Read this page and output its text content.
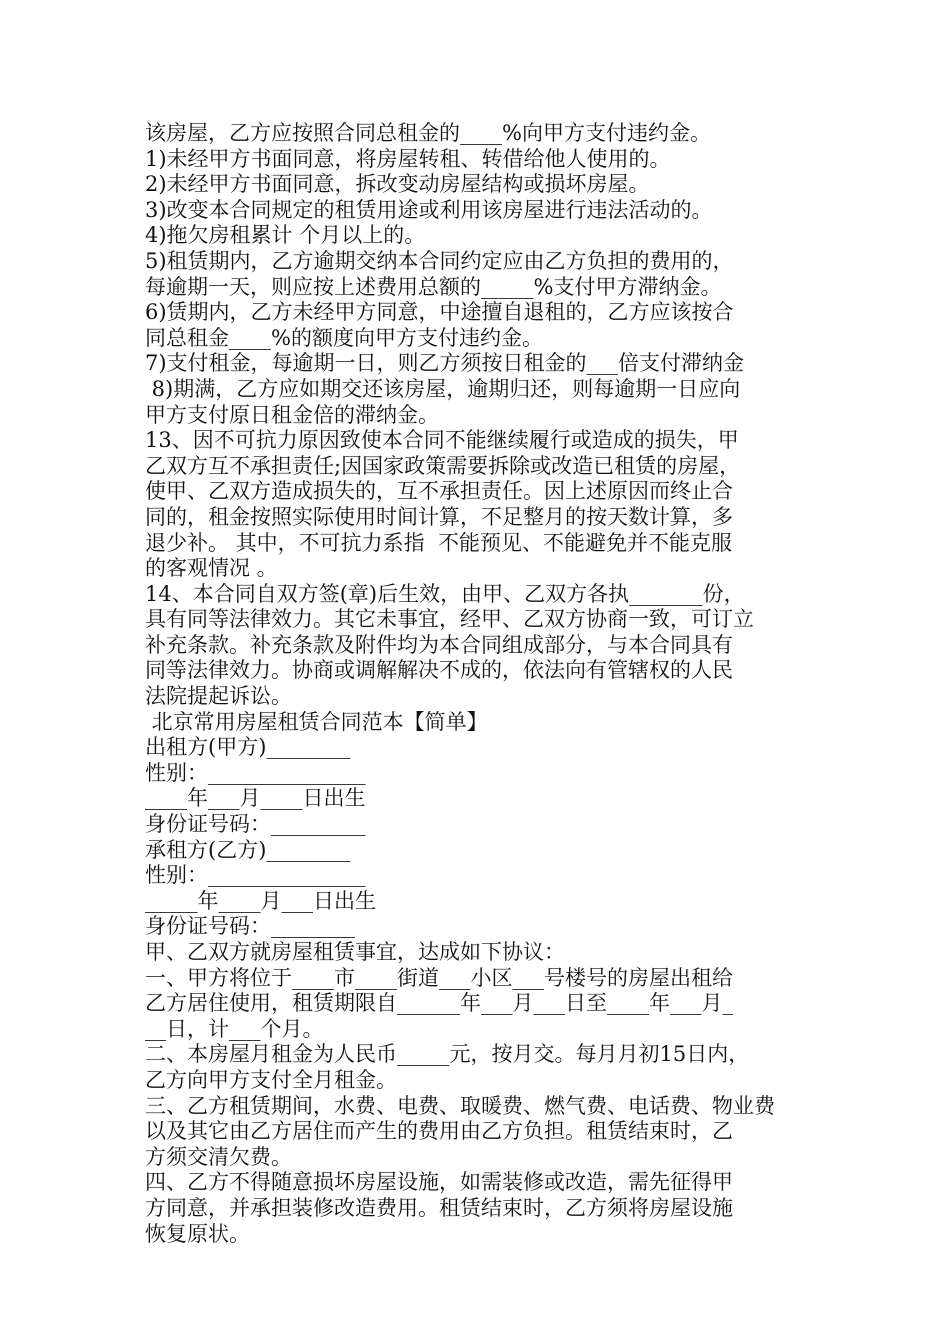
该房屋，乙方应按照合同总租金的____%向甲方支付违约金。
1)未经甲方书面同意，将房屋转租、转借给他人使用的。
2)未经甲方书面同意，拆改变动房屋结构或损坏房屋。
3)改变本合同规定的租赁用途或利用该房屋进行违法活动的。
4)拖欠房租累计 个月以上的。
5)租赁期内，乙方逾期交纳本合同约定应由乙方负担的费用的，
每逾期一天，则应按上述费用总额的_____%支付甲方滞纳金。
6)赁期内，乙方未经甲方同意，中途擅自退租的，乙方应该按合
同总租金____%的额度向甲方支付违约金。
7)支付租金，每逾期一日，则乙方须按日租金的___倍支付滞纳金
8)期满，乙方应如期交还该房屋，逾期归还，则每逾期一日应向
甲方支付原日租金倍的滞纳金。
13、因不可抗力原因致使本合同不能继续履行或造成的损失，甲
乙双方互不承担责任;因国家政策需要拆除或改造已租赁的房屋，
使甲、乙双方造成损失的，互不承担责任。因上述原因而终止合
同的，租金按照实际使用时间计算，不足整月的按天数计算，多
退少补。 其中，不可抗力系指  不能预见、不能避免并不能克服
的客观情况 。
14、本合同自双方签(章)后生效，由甲、乙双方各执_______份，
具有同等法律效力。其它未事宜，经甲、乙双方协商一致，可订立
补充条款。补充条款及附件均为本合同组成部分，与本合同具有
同等法律效力。协商或调解解决不成的，依法向有管辖权的人民
法院提起诉讼。
北京常用房屋租赁合同范本【简单】
出租方(甲方)________
性别：_______________
____年___月____日出生
身份证号码：_________
承租方(乙方)________
性别：_______________
_____年____月___日出生
身份证号码：________
甲、乙双方就房屋租赁事宜，达成如下协议：
一、甲方将位于____市____街道___小区___号楼号的房屋出租给
乙方居住使用，租赁期限自______年___月___日至____年___月_
__日，计___个月。
二、本房屋月租金为人民币_____元，按月交。每月月初15日内，
乙方向甲方支付全月租金。
三、乙方租赁期间，水费、电费、取暖费、燃气费、电话费、物业费
以及其它由乙方居住而产生的费用由乙方负担。租赁结束时，乙
方须交清欠费。
四、乙方不得随意损坏房屋设施，如需装修或改造，需先征得甲
方同意，并承担装修改造费用。租赁结束时，乙方须将房屋设施
恢复原状。
